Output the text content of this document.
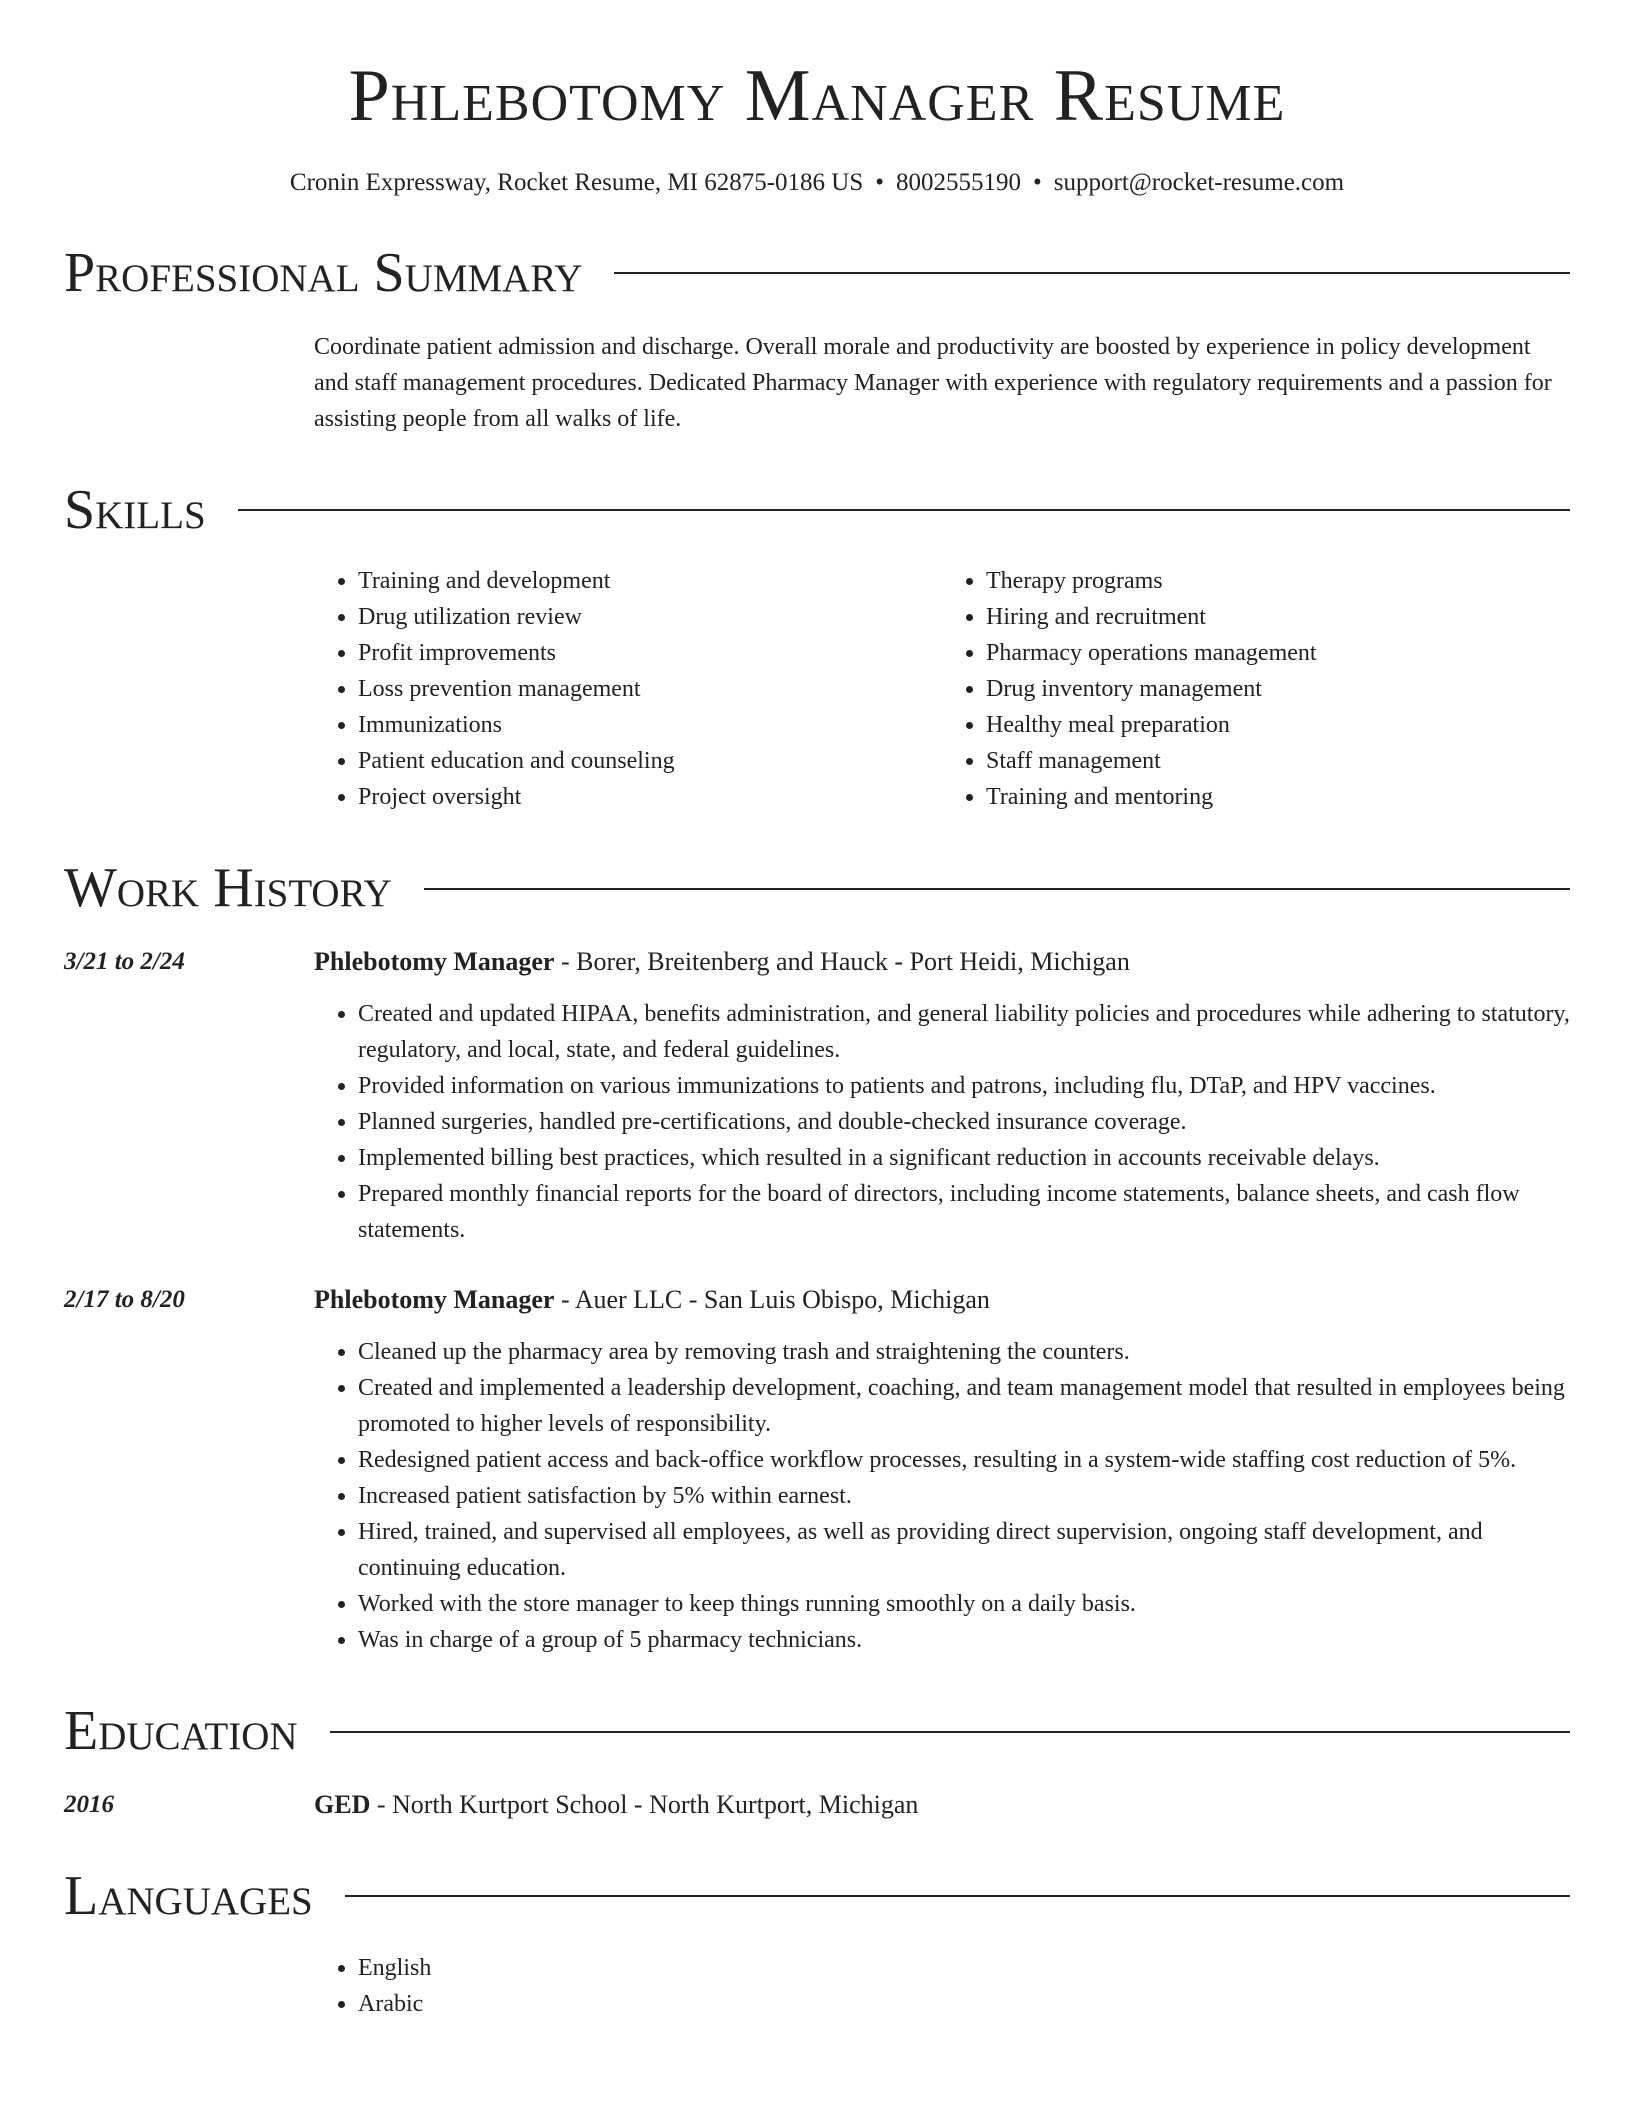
Phlebotomy Manager Resume
Cronin Expressway, Rocket Resume, MI 62875-0186 US • 8002555190 • support@rocket-resume.com
Professional Summary
Coordinate patient admission and discharge. Overall morale and productivity are boosted by experience in policy development and staff management procedures. Dedicated Pharmacy Manager with experience with regulatory requirements and a passion for assisting people from all walks of life.
Skills
• Training and development
• Drug utilization review
• Profit improvements
• Loss prevention management
• Immunizations
• Patient education and counseling
• Project oversight
• Therapy programs
• Hiring and recruitment
• Pharmacy operations management
• Drug inventory management
• Healthy meal preparation
• Staff management
• Training and mentoring
Work History
3/21 to 2/24	Phlebotomy Manager - Borer, Breitenberg and Hauck - Port Heidi, Michigan
• Created and updated HIPAA, benefits administration, and general liability policies and procedures while adhering to statutory, regulatory, and local, state, and federal guidelines.
• Provided information on various immunizations to patients and patrons, including flu, DTaP, and HPV vaccines.
• Planned surgeries, handled pre-certifications, and double-checked insurance coverage.
• Implemented billing best practices, which resulted in a significant reduction in accounts receivable delays.
• Prepared monthly financial reports for the board of directors, including income statements, balance sheets, and cash flow statements.
2/17 to 8/20	Phlebotomy Manager - Auer LLC - San Luis Obispo, Michigan
• Cleaned up the pharmacy area by removing trash and straightening the counters.
• Created and implemented a leadership development, coaching, and team management model that resulted in employees being promoted to higher levels of responsibility.
• Redesigned patient access and back-office workflow processes, resulting in a system-wide staffing cost reduction of 5%.
• Increased patient satisfaction by 5% within earnest.
• Hired, trained, and supervised all employees, as well as providing direct supervision, ongoing staff development, and continuing education.
• Worked with the store manager to keep things running smoothly on a daily basis.
• Was in charge of a group of 5 pharmacy technicians.
Education
2016	GED - North Kurtport School - North Kurtport, Michigan
Languages
• English
• Arabic
